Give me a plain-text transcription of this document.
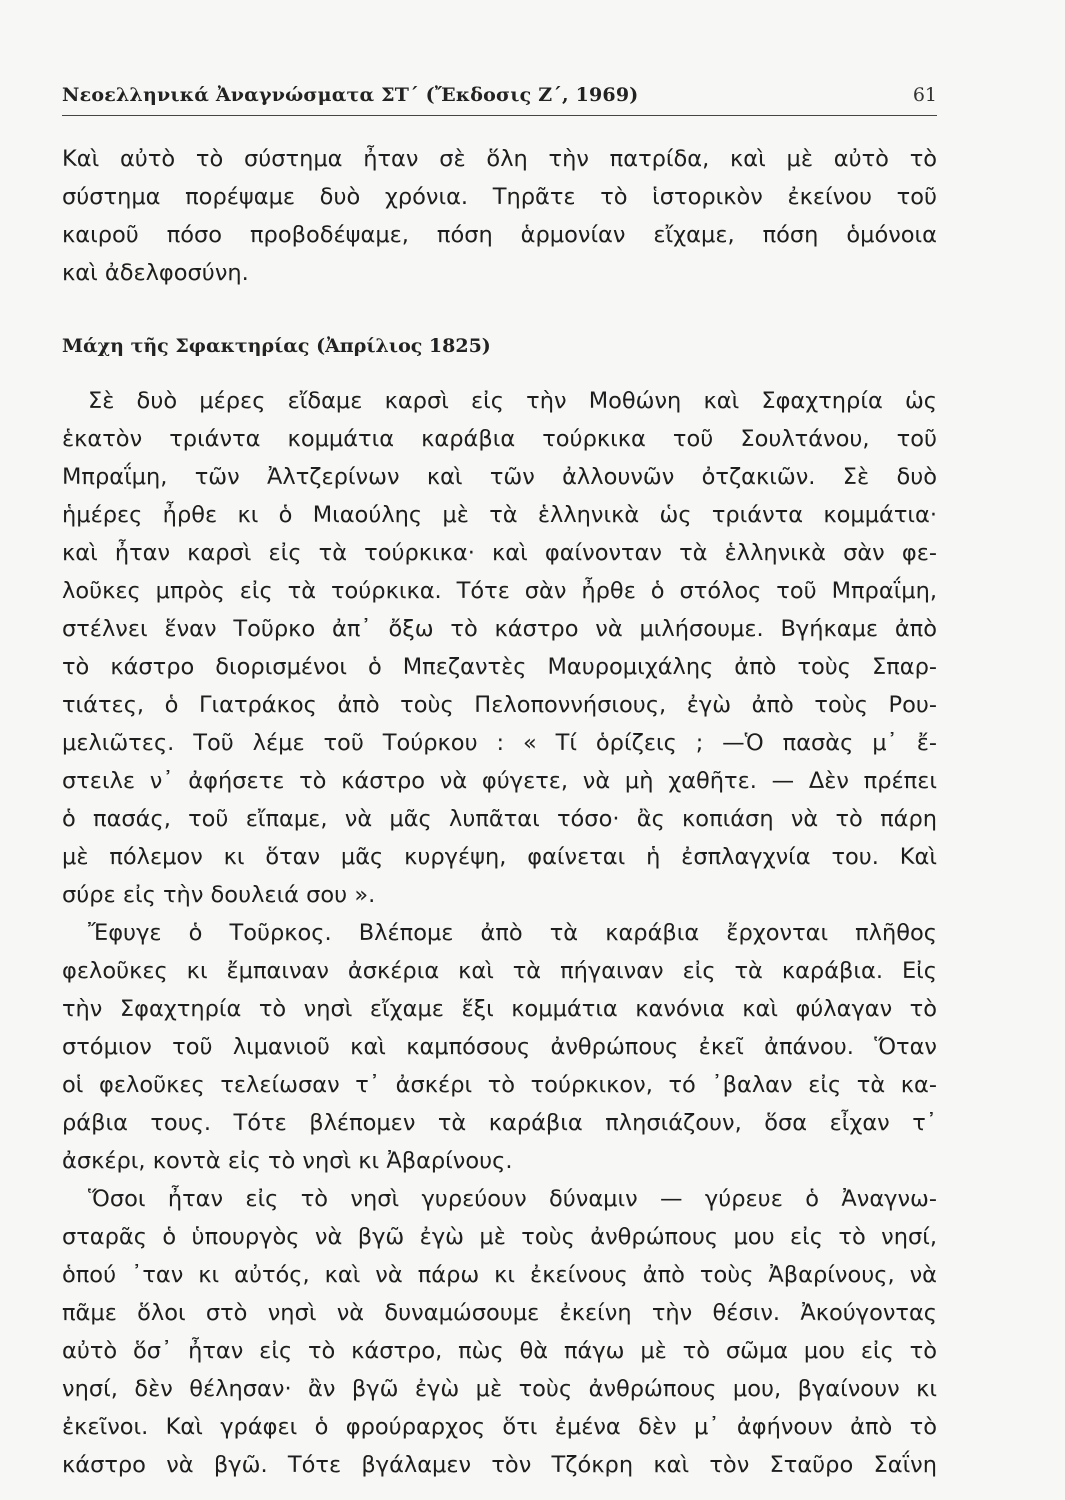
Νεοελληνικά Ἀναγνώσματα ΣΤ΄ (Ἔκδοσις Ζ΄, 1969)	61
Καὶ αὐτὸ τὸ σύστημα ἦταν σὲ ὅλη τὴν πατρίδα, καὶ μὲ αὐτὸ τὸ
σύστημα πορέψαμε δυὸ χρόνια. Τηρᾶτε τὸ ἱστορικὸν ἐκείνου τοῦ
καιροῦ πόσο προβοδέψαμε, πόση ἁρμονίαν εἴχαμε, πόση ὁμόνοια
καὶ ἀδελφοσύνη.
Μάχη τῆς Σφακτηρίας (Ἀπρίλιος 1825)
Σὲ δυὸ μέρες εἴδαμε καρσὶ εἰς τὴν Μοθώνη καὶ Σφαχτηρία ὡς
ἑκατὸν τριάντα κομμάτια καράβια τούρκικα τοῦ Σουλτάνου, τοῦ
Μπραΐμη, τῶν Ἀλτζερίνων καὶ τῶν ἀλλουνῶν ὀτζακιῶν. Σὲ δυὸ
ἡμέρες ἦρθε κι ὁ Μιαούλης μὲ τὰ ἑλληνικὰ ὡς τριάντα κομμάτια·
καὶ ἦταν καρσὶ εἰς τὰ τούρκικα· καὶ φαίνονταν τὰ ἑλληνικὰ σὰν φε-
λοῦκες μπρὸς εἰς τὰ τούρκικα. Τότε σὰν ἦρθε ὁ στόλος τοῦ Μπραΐμη,
στέλνει ἕναν Τοῦρκο ἀπ᾿ ὄξω τὸ κάστρο νὰ μιλήσουμε. Βγήκαμε ἀπὸ
τὸ κάστρο διορισμένοι ὁ Μπεζαντὲς Μαυρομιχάλης ἀπὸ τοὺς Σπαρ-
τιάτες, ὁ Γιατράκος ἀπὸ τοὺς Πελοποννήσιους, ἐγὼ ἀπὸ τοὺς Ρου-
μελιῶτες. Τοῦ λέμε τοῦ Τούρκου : « Τί ὁρίζεις ; —Ὁ πασὰς μ᾿ ἔ-
στειλε ν᾿ ἀφήσετε τὸ κάστρο νὰ φύγετε, νὰ μὴ χαθῆτε. — Δὲν πρέπει
ὁ πασάς, τοῦ εἴπαμε, νὰ μᾶς λυπᾶται τόσο· ἂς κοπιάση νὰ τὸ πάρη
μὲ πόλεμον κι ὅταν μᾶς κυργέψη, φαίνεται ἡ ἐσπλαγχνία του. Καὶ
σύρε εἰς τὴν δουλειά σου ».
Ἔφυγε ὁ Τοῦρκος. Βλέπομε ἀπὸ τὰ καράβια ἔρχονται πλῆθος
φελοῦκες κι ἔμπαιναν ἀσκέρια καὶ τὰ πήγαιναν εἰς τὰ καράβια. Εἰς
τὴν Σφαχτηρία τὸ νησὶ εἴχαμε ἕξι κομμάτια κανόνια καὶ φύλαγαν τὸ
στόμιον τοῦ λιμανιοῦ καὶ καμπόσους ἀνθρώπους ἐκεῖ ἀπάνου. Ὅταν
οἱ φελοῦκες τελείωσαν τ᾿ ἀσκέρι τὸ τούρκικον, τό ᾿βαλαν εἰς τὰ κα-
ράβια τους. Τότε βλέπομεν τὰ καράβια πλησιάζουν, ὅσα εἶχαν τ᾿
ἀσκέρι, κοντὰ εἰς τὸ νησὶ κι Ἀβαρίνους.
Ὅσοι ἦταν εἰς τὸ νησὶ γυρεύουν δύναμιν — γύρευε ὁ Ἀναγνω-
σταρᾶς ὁ ὑπουργὸς νὰ βγῶ ἐγὼ μὲ τοὺς ἀνθρώπους μου εἰς τὸ νησί,
ὁπού ᾿ταν κι αὐτός, καὶ νὰ πάρω κι ἐκείνους ἀπὸ τοὺς Ἀβαρίνους, νὰ
πᾶμε ὅλοι στὸ νησὶ νὰ δυναμώσουμε ἐκείνη τὴν θέσιν. Ἀκούγοντας
αὐτὸ ὅσ᾿ ἦταν εἰς τὸ κάστρο, πὼς θὰ πάγω μὲ τὸ σῶμα μου εἰς τὸ
νησί, δὲν θέλησαν· ἂν βγῶ ἐγὼ μὲ τοὺς ἀνθρώπους μου, βγαίνουν κι
ἐκεῖνοι. Καὶ γράφει ὁ φρούραρχος ὅτι ἐμένα δὲν μ᾿ ἀφήνουν ἀπὸ τὸ
κάστρο νὰ βγῶ. Τότε βγάλαμεν τὸν Τζόκρη καὶ τὸν Σταῦρο Σαΐνη
